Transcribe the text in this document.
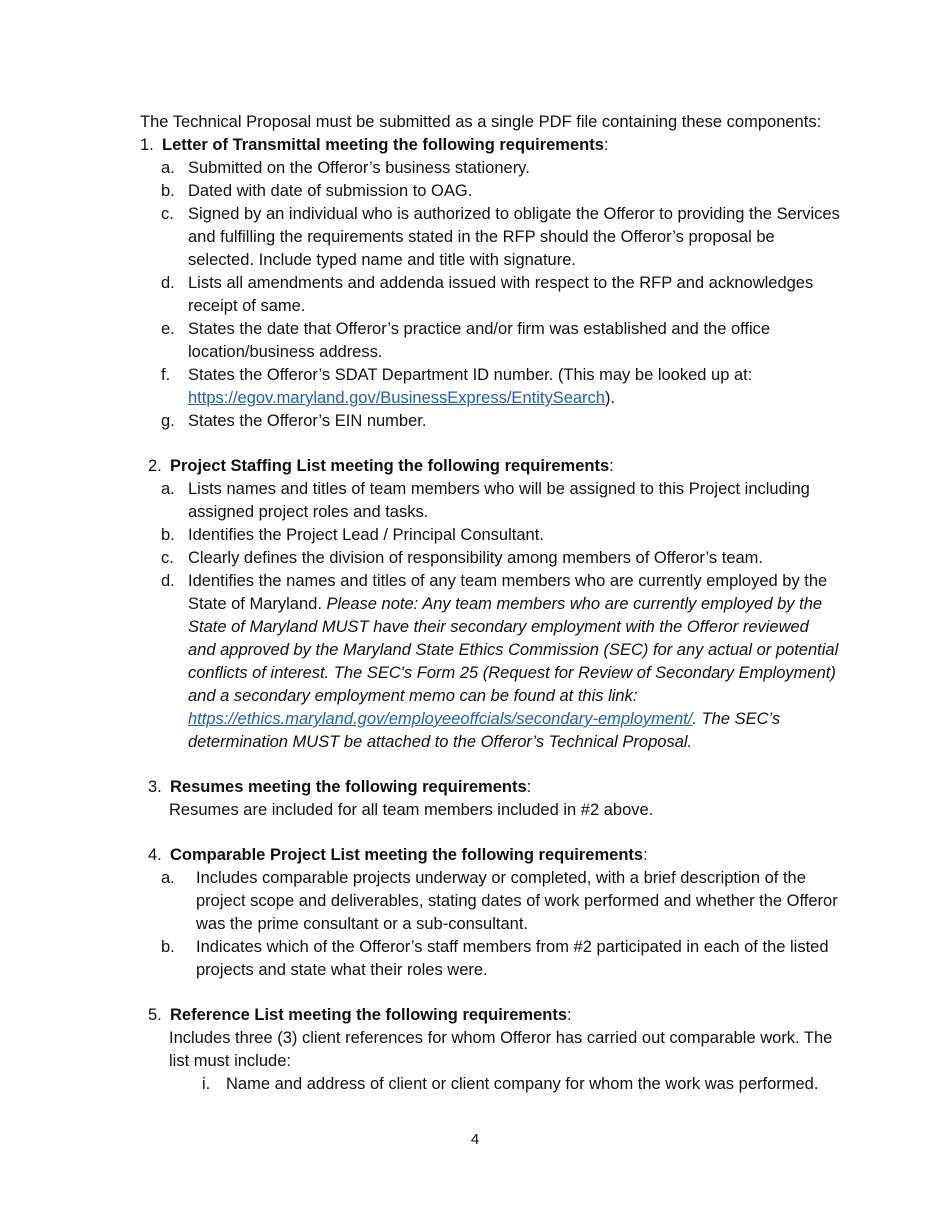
The Technical Proposal must be submitted as a single PDF file containing these components:

1. Letter of Transmittal meeting the following requirements:
a. Submitted on the Offeror’s business stationery.
b. Dated with date of submission to OAG.
c. Signed by an individual who is authorized to obligate the Offeror to providing the Services and fulfilling the requirements stated in the RFP should the Offeror’s proposal be selected. Include typed name and title with signature.
d. Lists all amendments and addenda issued with respect to the RFP and acknowledges receipt of same.
e. States the date that Offeror’s practice and/or firm was established and the office location/business address.
f.	States the Offeror’s SDAT Department ID number. (This may be looked up at: https://egov.maryland.gov/BusinessExpress/EntitySearch).
g. States the Offeror’s EIN number.
2. Project Staffing List meeting the following requirements:
a. Lists names and titles of team members who will be assigned to this Project including assigned project roles and tasks.
b. Identifies the Project Lead / Principal Consultant.
c. Clearly defines the division of responsibility among members of Offeror’s team.
d. Identifies the names and titles of any team members who are currently employed by the State of Maryland. Please note: Any team members who are currently employed by the State of Maryland MUST have their secondary employment with the Offeror reviewed and approved by the Maryland State Ethics Commission (SEC) for any actual or potential conflicts of interest. The SEC's Form 25 (Request for Review of Secondary Employment) and a secondary employment memo can be found at this link: https://ethics.maryland.gov/employeeoffcials/secondary-employment/. The SEC’s determination MUST be attached to the Offeror’s Technical Proposal.
3. Resumes meeting the following requirements:

Resumes are included for all team members included in #2 above.

4. Comparable Project List meeting the following requirements:
a.	Includes comparable projects underway or completed, with a brief description of the project scope and deliverables, stating dates of work performed and whether the Offeror was the prime consultant or a sub-consultant.
b.	Indicates which of the Offeror’s staff members from #2 participated in each of the listed projects and state what their roles were.
5. Reference List meeting the following requirements:

Includes three (3) client references for whom Offeror has carried out comparable work. The list must include:

i. Name and address of client or client company for whom the work was performed.
4
